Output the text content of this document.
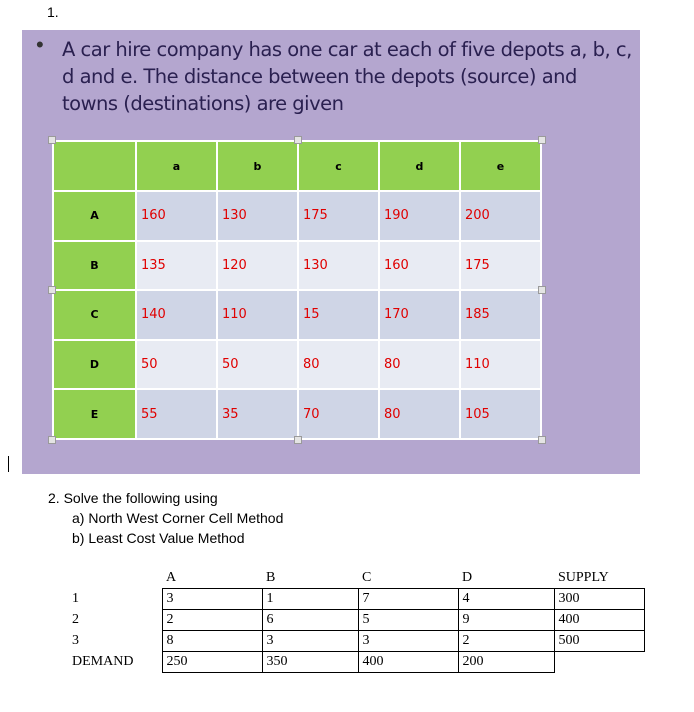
1.
• A car hire company has one car at each of five depots a, b, c, d and e. The distance between the depots (source) and towns (destinations) are given
	a	b	c	d	e
A	160	130	175	190	200
B	135	120	130	160	175
C	140	110	15	170	185
D	50	50	80	80	110
E	55	35	70	80	105
2. Solve the following using
a) North West Corner Cell Method
b) Least Cost Value Method
	A	B	C	D	SUPPLY
1	3	1	7	4	300
2	2	6	5	9	400
3	8	3	3	2	500
DEMAND	250	350	400	200	
